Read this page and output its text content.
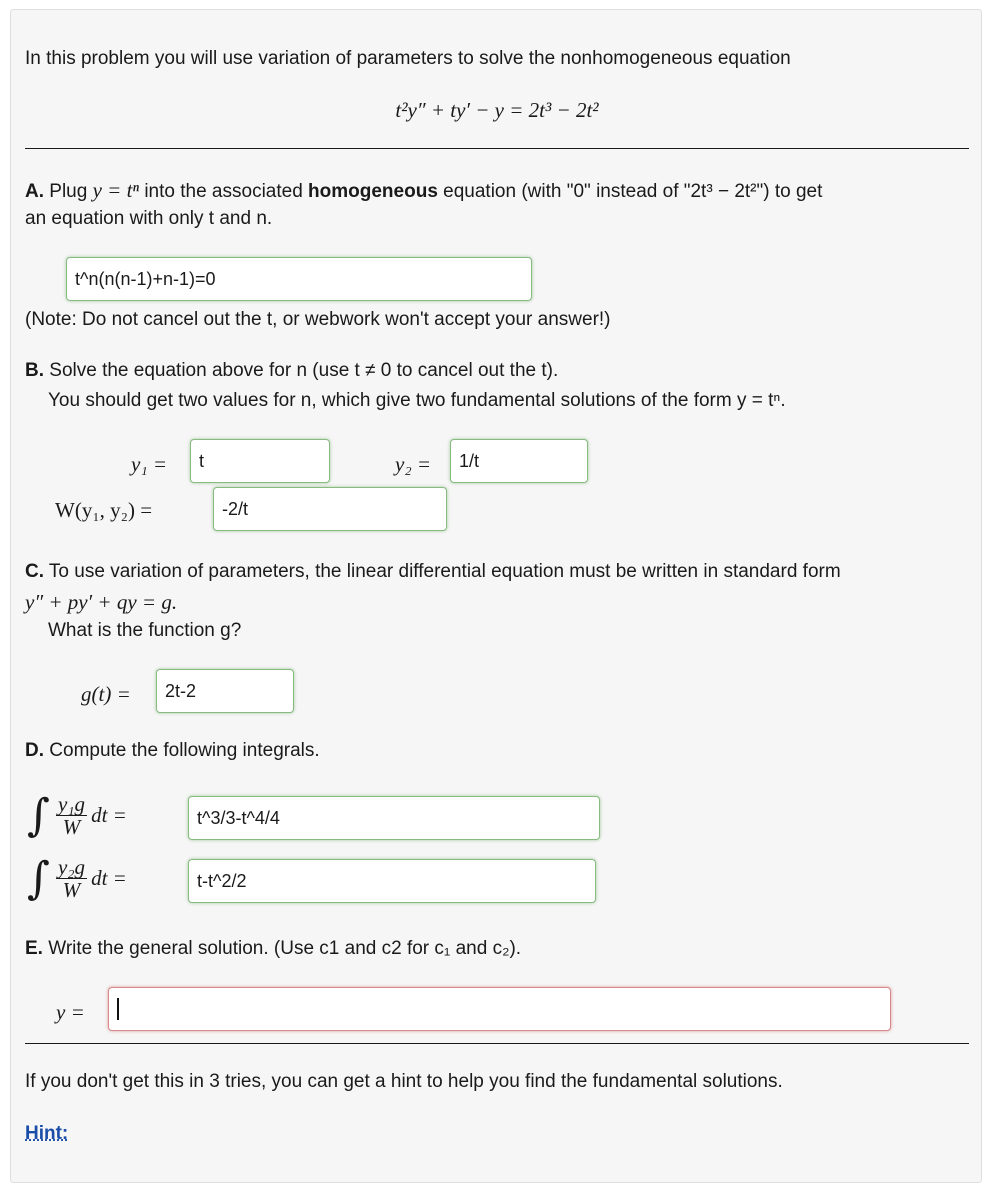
In this problem you will use variation of parameters to solve the nonhomogeneous equation
t²y″ + ty′ − y = 2t³ − 2t²
A. Plug y = tⁿ into the associated homogeneous equation (with "0" instead of "2t³ − 2t²") to get
an equation with only t and n.
t^n(n(n-1)+n-1)=0
(Note: Do not cancel out the t, or webwork won't accept your answer!)
B. Solve the equation above for n (use t ≠ 0 to cancel out the t).
You should get two values for n, which give two fundamental solutions of the form y = tⁿ.
y₁ =	t	y₂ =	1/t
W(y₁, y₂) =	-2/t
C. To use variation of parameters, the linear differential equation must be written in standard form
y″ + py′ + qy = g.
What is the function g?
g(t) =	2t-2
D. Compute the following integrals.
∫ $\frac{\text{y₁g}}{W}$ dt =	t^3/3-t^4/4
∫ $\frac{\text{y₂g}}{W}$ dt =	t-t^2/2
E. Write the general solution. (Use c1 and c2 for c₁ and c₂).
y =
If you don't get this in 3 tries, you can get a hint to help you find the fundamental solutions.
Hint:
